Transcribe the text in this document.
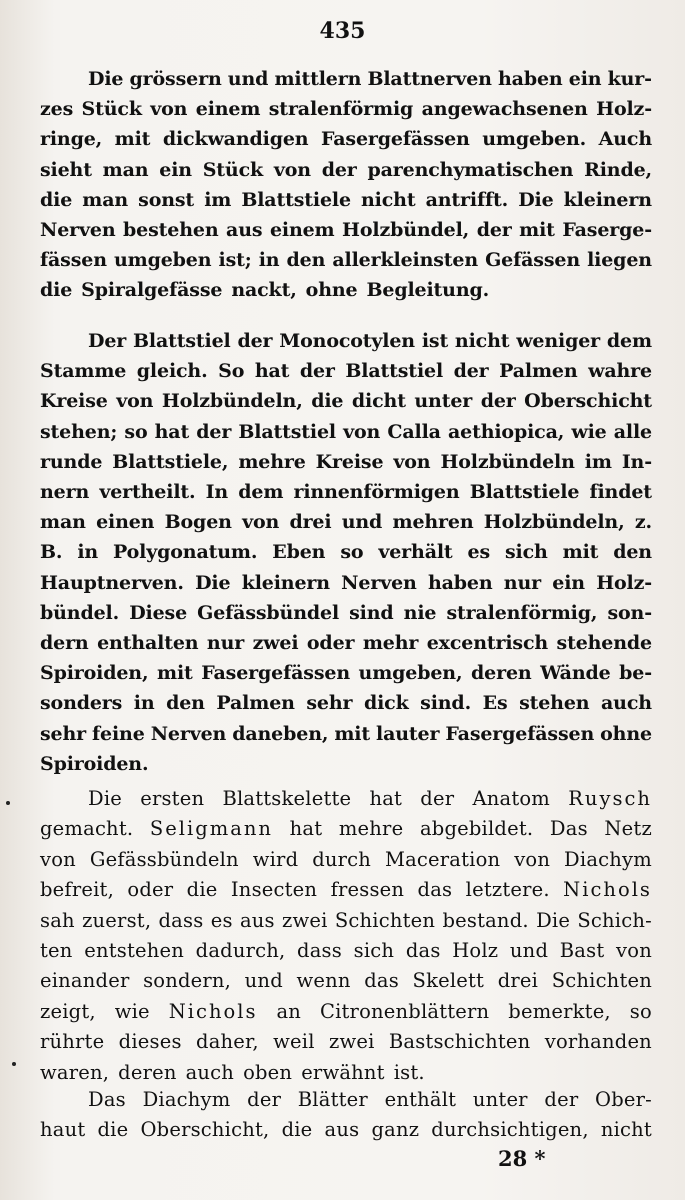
435
Die grössern und mittlern Blattnerven haben ein kur-
zes Stück von einem stralenförmig angewachsenen Holz-
ringe, mit dickwandigen Fasergefässen umgeben. Auch
sieht man ein Stück von der parenchymatischen Rinde,
die man sonst im Blattstiele nicht antrifft. Die kleinern
Nerven bestehen aus einem Holzbündel, der mit Faserge-
fässen umgeben ist; in den allerkleinsten Gefässen liegen
die Spiralgefässe nackt, ohne Begleitung.
Der Blattstiel der Monocotylen ist nicht weniger dem
Stamme gleich. So hat der Blattstiel der Palmen wahre
Kreise von Holzbündeln, die dicht unter der Oberschicht
stehen; so hat der Blattstiel von Calla aethiopica, wie alle
runde Blattstiele, mehre Kreise von Holzbündeln im In-
nern vertheilt. In dem rinnenförmigen Blattstiele findet
man einen Bogen von drei und mehren Holzbündeln, z.
B. in Polygonatum. Eben so verhält es sich mit den
Hauptnerven. Die kleinern Nerven haben nur ein Holz-
bündel. Diese Gefässbündel sind nie stralenförmig, son-
dern enthalten nur zwei oder mehr excentrisch stehende
Spiroiden, mit Fasergefässen umgeben, deren Wände be-
sonders in den Palmen sehr dick sind. Es stehen auch
sehr feine Nerven daneben, mit lauter Fasergefässen ohne
Spiroiden.
Die ersten Blattskelette hat der Anatom Ruysch
gemacht. Seligmann hat mehre abgebildet. Das Netz
von Gefässbündeln wird durch Maceration von Diachym
befreit, oder die Insecten fressen das letztere. Nichols
sah zuerst, dass es aus zwei Schichten bestand. Die Schich-
ten entstehen dadurch, dass sich das Holz und Bast von
einander sondern, und wenn das Skelett drei Schichten
zeigt, wie Nichols an Citronenblättern bemerkte, so
rührte dieses daher, weil zwei Bastschichten vorhanden
waren, deren auch oben erwähnt ist.
Das Diachym der Blätter enthält unter der Ober-
haut die Oberschicht, die aus ganz durchsichtigen, nicht
28 *
